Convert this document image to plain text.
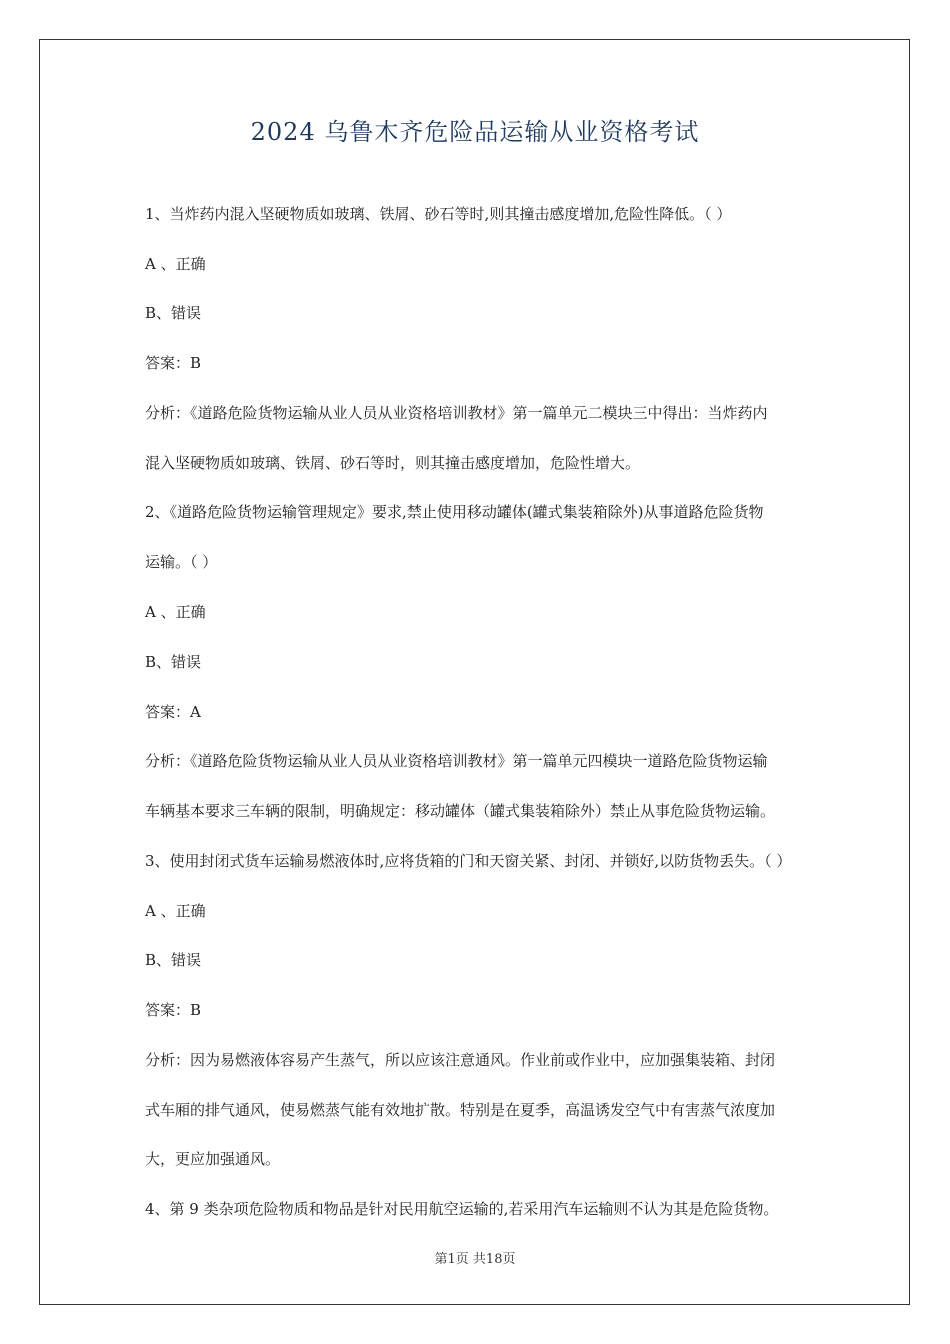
2024 乌鲁木齐危险品运输从业资格考试
1、当炸药内混入坚硬物质如玻璃、铁屑、砂石等时,则其撞击感度增加,危险性降低。（ ）
A 、正确
B、错误
答案：B
分析：《道路危险货物运输从业人员从业资格培训教材》第一篇单元二模块三中得出：当炸药内
混入坚硬物质如玻璃、铁屑、砂石等时，则其撞击感度增加，危险性增大。
2、《道路危险货物运输管理规定》要求,禁止使用移动罐体(罐式集装箱除外)从事道路危险货物
运输。（ ）
A 、正确
B、错误
答案：A
分析：《道路危险货物运输从业人员从业资格培训教材》第一篇单元四模块一道路危险货物运输
车辆基本要求三车辆的限制，明确规定：移动罐体（罐式集装箱除外）禁止从事危险货物运输。
3、使用封闭式货车运输易燃液体时,应将货箱的门和天窗关紧、封闭、并锁好,以防货物丢失。（ ）
A 、正确
B、错误
答案：B
分析：因为易燃液体容易产生蒸气，所以应该注意通风。作业前或作业中，应加强集装箱、封闭
式车厢的排气通风，使易燃蒸气能有效地扩散。特别是在夏季，高温诱发空气中有害蒸气浓度加
大，更应加强通风。
4、第 9 类杂项危险物质和物品是针对民用航空运输的,若采用汽车运输则不认为其是危险货物。
第1页 共18页
